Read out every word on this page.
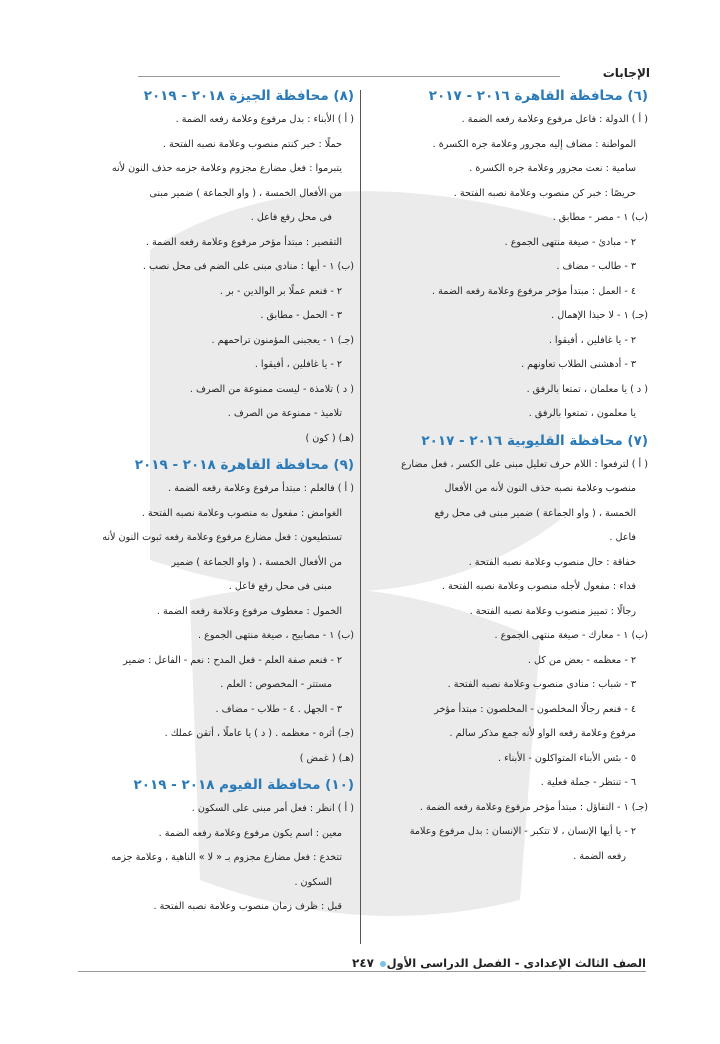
الإجابات
(٦) محافظة القاهرة ٢٠١٦ - ٢٠١٧
( أ ) الدولة : فاعل مرفوع وعلامة رفعه الضمة .
المواطنة : مضاف إليه مجرور وعلامة جره الكسرة .
سامية : نعت مجرور وعلامة جره الكسرة .
حريصًا : خبر كن منصوب وعلامة نصبه الفتحة .
(ب) ١ - مصر - مطابق .
٢ - مبادئ - صيغة منتهى الجموع .
٣ - طالب - مضاف .
٤ - العمل : مبتدأ مؤخر مرفوع وعلامة رفعه الضمة .
(جـ) ١ - لا حبذا الإهمال .
٢ - يا غافلين ، أفيقوا .
٣ - أدهشنى الطلاب تعاونهم .
( د ) يا معلمان ، تمتعا بالرفق .
يا معلمون ، تمتعوا بالرفق .
(٧) محافظة القليوبية ٢٠١٦ - ٢٠١٧
( أ ) لترفعوا : اللام حرف تعليل مبنى على الكسر ، فعل مضارع
منصوب وعلامة نصبه حذف النون لأنه من الأفعال
الخمسة ، ( واو الجماعة ) ضمير مبنى فى محل رفع
فاعل .
خفاقة : حال منصوب وعلامة نصبه الفتحة .
فداء : مفعول لأجله منصوب وعلامة نصبه الفتحة .
رجالًا : تمييز منصوب وعلامة نصبه الفتحة .
(ب) ١ - معارك - صيغة منتهى الجموع .
٢ - معظمه - بعض من كل .
٣ - شباب : منادى منصوب وعلامة نصبه الفتحة .
٤ - فنعم رجالًا المخلصون - المخلصون : مبتدأ مؤخر
مرفوع وعلامة رفعه الواو لأنه جمع مذكر سالم .
٥ - بئس الأبناء المتواكلون - الأبناء .
٦ - تنتظر - جملة فعلية .
(جـ) ١ - التفاؤل : مبتدأ مؤخر مرفوع وعلامة رفعه الضمة .
٢ - يا أيها الإنسان ، لا تتكبر - الإنسان : بدل مرفوع وعلامة
رفعه الضمة .
(٨) محافظة الجيزة ٢٠١٨ - ٢٠١٩
( أ ) الأبناء : بدل مرفوع وعلامة رفعه الضمة .
حملًا : خبر كنتم منصوب وعلامة نصبه الفتحة .
يتبرموا : فعل مضارع مجزوم وعلامة جزمه حذف النون لأنه
من الأفعال الخمسة ، ( واو الجماعة ) ضمير مبنى
فى محل رفع فاعل .
التقصير : مبتدأ مؤخر مرفوع وعلامة رفعه الضمة .
(ب) ١ - أيها : منادى مبنى على الضم فى محل نصب .
٢ - فنعم عملًا بر الوالدين - بر .
٣ - الحمل - مطابق .
(جـ) ١ - يعجبنى المؤمنون تراحمهم .
٢ - يا غافلين ، أفيقوا .
( د ) تلامذة - ليست ممنوعة من الصرف .
تلاميذ - ممنوعة من الصرف .
(هـ) ( كون )
(٩) محافظة القاهرة ٢٠١٨ - ٢٠١٩
( أ ) فالعلم : مبتدأ مرفوع وعلامة رفعه الضمة .
الغوامض : مفعول به منصوب وعلامة نصبه الفتحة .
تستطيعون : فعل مضارع مرفوع وعلامة رفعه ثبوت النون لأنه
من الأفعال الخمسة ، ( واو الجماعة ) ضمير
مبنى فى محل رفع فاعل .
الخمول : معطوف مرفوع وعلامة رفعه الضمة .
(ب) ١ - مصابيح ، صيغة منتهى الجموع .
٢ - فنعم صفة العلم - فعل المدح : نعم - الفاعل : ضمير
مستتر - المخصوص : العلم .
٣ - الجهل . ٤ - طلاب - مضاف .
(جـ) أثره - معظمه . ( د ) يا عاملًا ، أتقن عملك .
(هـ) ( غمض )
(١٠) محافظة الفيوم ٢٠١٨ - ٢٠١٩
( أ ) انظر : فعل أمر مبنى على السكون .
معين : اسم يكون مرفوع وعلامة رفعه الضمة .
تتخدع : فعل مضارع مجزوم بـ « لا » الناهية ، وعلامة جزمه
السكون .
قبل : ظرف زمان منصوب وعلامة نصبه الفتحة .
الصف الثالث الإعدادى - الفصل الدراسى الأول
٢٤٧
